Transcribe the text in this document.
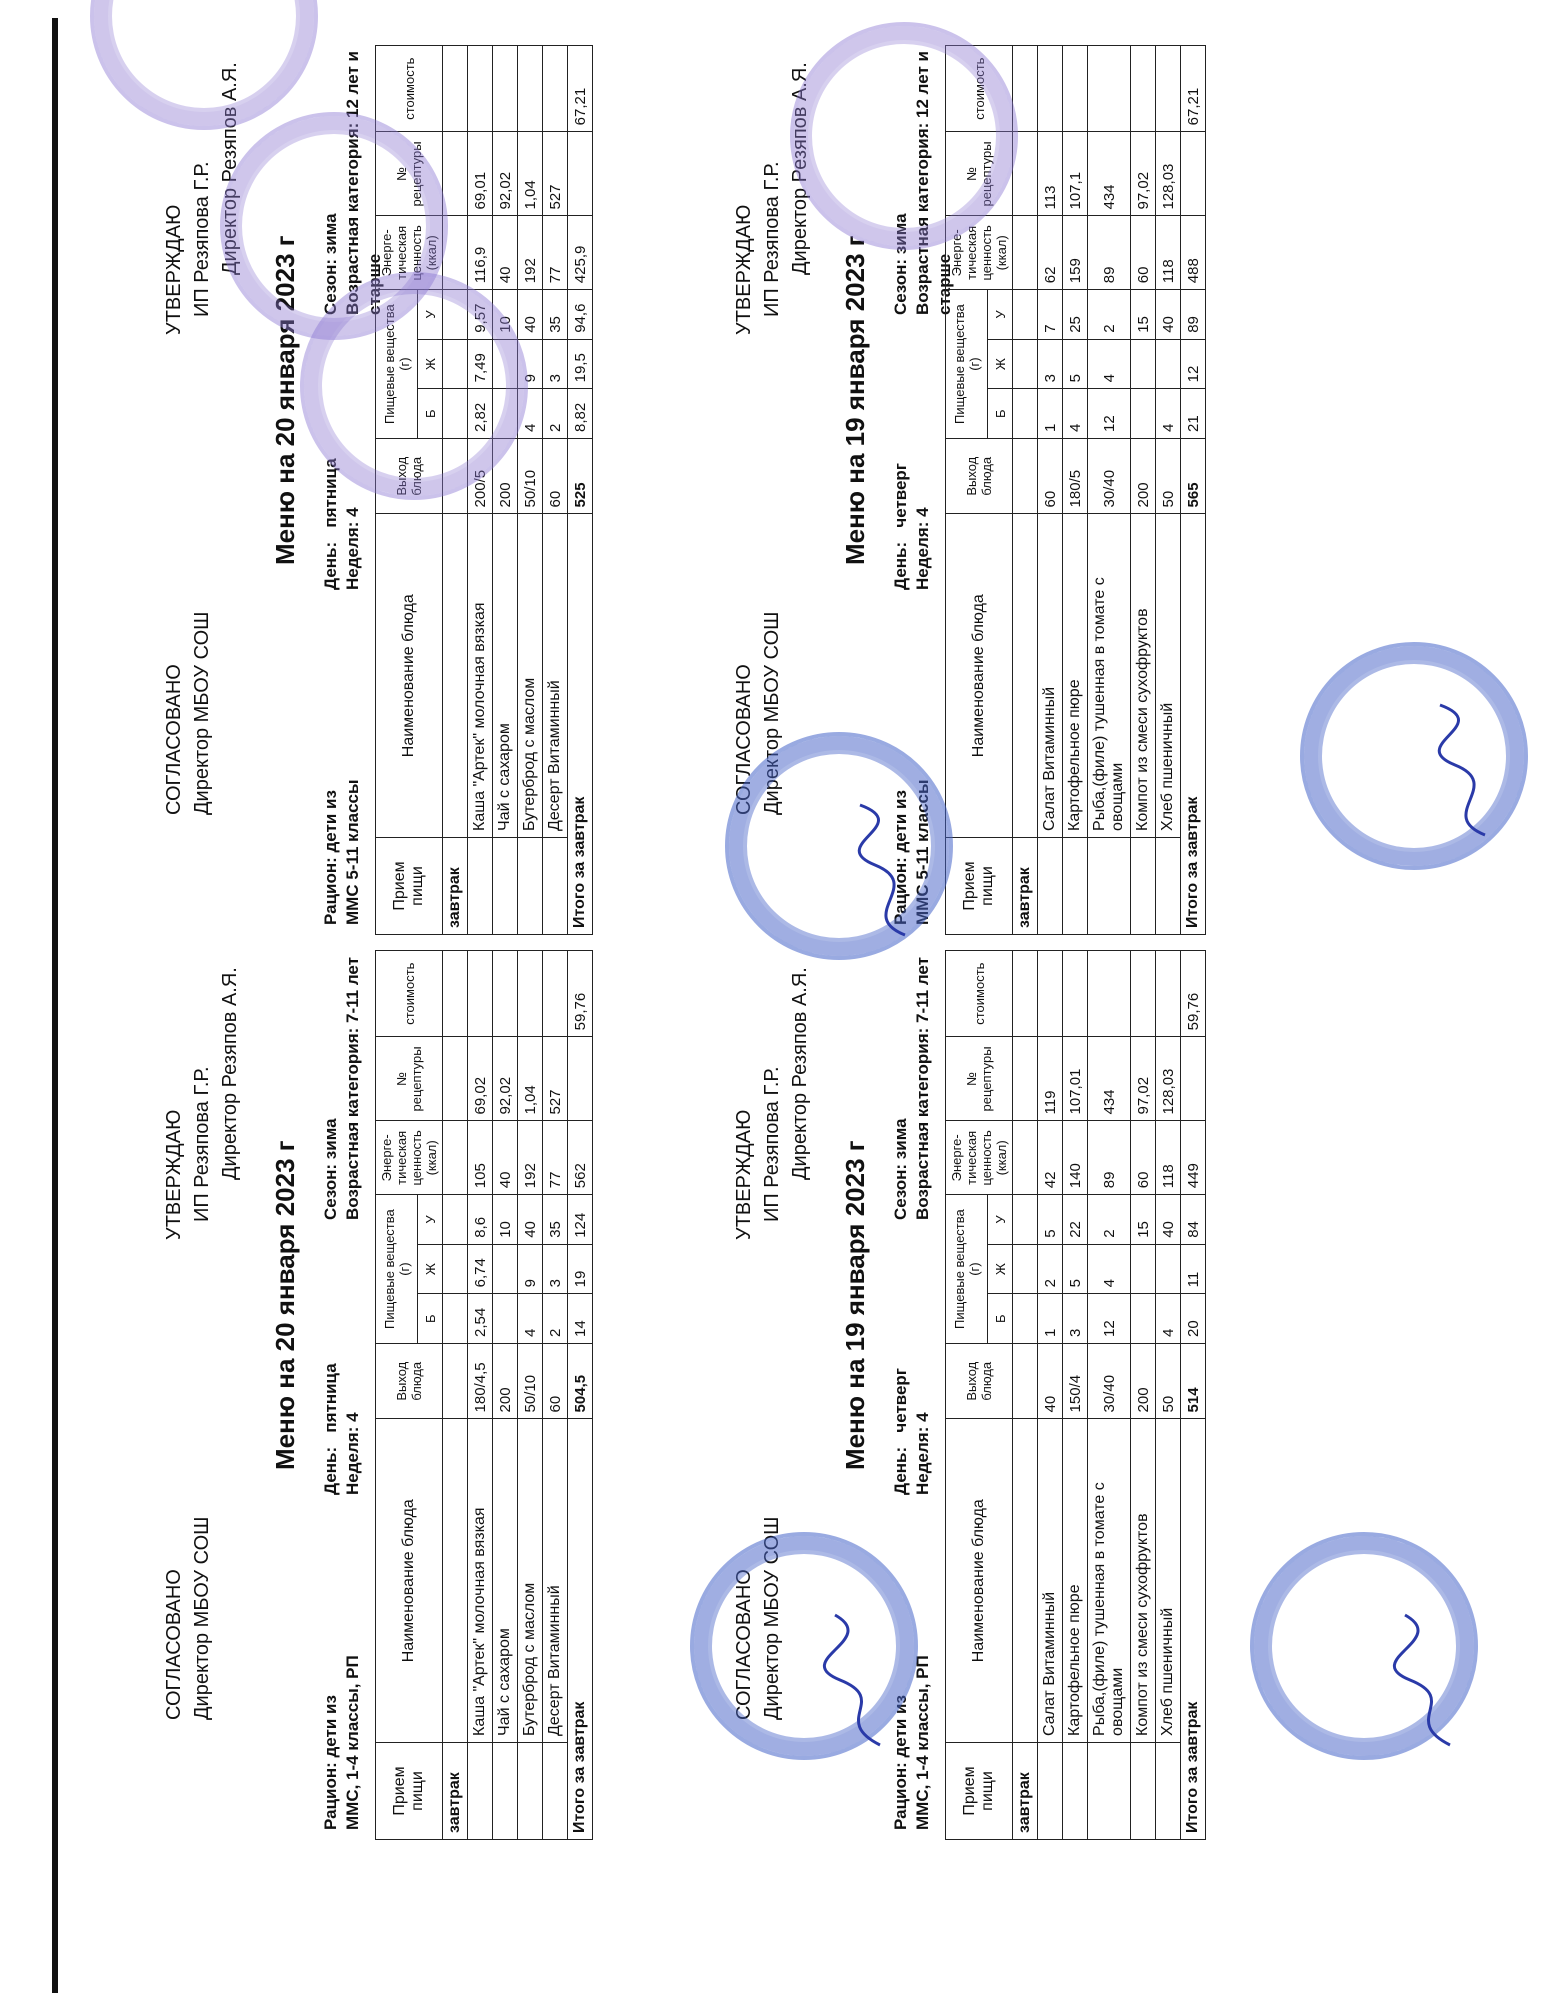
СОГЛАСОВАНО Директор МБОУ СОШ
УТВЕРЖДАЮ ИП Резяпова Г.Р. Директор Резяпов А.Я.
Меню на 19 января 2023 г
Рацион: дети из ММС, 1-4 классы, РП
День:   четверг
Неделя: 4
Сезон: зима Возрастная категория: 7-11 лет
Прием пищи	Наименование блюда	Выход блюда	Пищевые вещества (г)			Энерге-тическая ценность (ккал)	№ рецептуры	стоимость
			Б	Ж	У			
завтрак								
	Салат Витаминный	40	1	2	5	42	119	
	Картофельное пюре	150/4	3	5	22	140	107,01	
	Рыба,(филе) тушенная в томате с овощами	30/40	12	4	2	89	434	
	Компот из смеси сухофруктов	200			15	60	97,02	
	Хлеб пшеничный	50	4		40	118	128,03	
Итого за завтрак		514	20	11	84	449		59,76
СОГЛАСОВАНО Директор МБОУ СОШ
УТВЕРЖДАЮ ИП Резяпова Г.Р. Директор Резяпов А.Я.
Меню на 19 января 2023 г
Рацион: дети из ММС 5-11 классы
День:   четверг
Неделя: 4
Сезон: зима Возрастная категория: 12 лет и старше
Прием пищи	Наименование блюда	Выход блюда	Пищевые вещества (г)			Энерге-тическая ценность (ккал)	№ рецептуры	стоимость
			Б	Ж	У			
завтрак								
	Салат Витаминный	60	1	3	7	62	113	
	Картофельное пюре	180/5	4	5	25	159	107,1	
	Рыба,(филе) тушенная в томате с овощами	30/40	12	4	2	89	434	
	Компот из смеси сухофруктов	200			15	60	97,02	
	Хлеб пшеничный	50	4		40	118	128,03	
Итого за завтрак		565	21	12	89	488		67,21
СОГЛАСОВАНО Директор МБОУ СОШ
УТВЕРЖДАЮ ИП Резяпова Г.Р. Директор Резяпов А.Я.
Меню на 20 января 2023 г
Рацион: дети из ММС, 1-4 классы, РП
День:   пятница
Неделя: 4
Сезон: зима Возрастная категория: 7-11 лет
Прием пищи	Наименование блюда	Выход блюда	Пищевые вещества (г)			Энерге-тическая ценность (ккал)	№ рецептуры	стоимость
			Б	Ж	У			
завтрак								
	Каша "Артек" молочная вязкая	180/4,5	2,54	6,74	8,6	105	69,02	
	Чай с сахаром	200			10	40	92,02	
	Бутерброд с маслом	50/10	4	9	40	192	1,04	
	Десерт Витаминный	60	2	3	35	77	527	
Итого за завтрак		504,5	14	19	124	562		59,76
СОГЛАСОВАНО Директор МБОУ СОШ
УТВЕРЖДАЮ ИП Резяпова Г.Р. Директор Резяпов А.Я.
Меню на 20 января 2023 г
Рацион: дети из ММС 5-11 классы
День:   пятница
Неделя: 4
Сезон: зима Возрастная категория: 12 лет и старше
Прием пищи	Наименование блюда	Выход блюда	Пищевые вещества (г)			Энерге-тическая ценность (ккал)	№ рецептуры	стоимость
			Б	Ж	У			
завтрак								
	Каша "Артек" молочная вязкая	200/5	2,82	7,49	9,57	116,9	69,01	
	Чай с сахаром	200			10	40	92,02	
	Бутерброд с маслом	50/10	4	9	40	192	1,04	
	Десерт Витаминный	60	2	3	35	77	527	
Итого за завтрак		525	8,82	19,5	94,6	425,9		67,21
